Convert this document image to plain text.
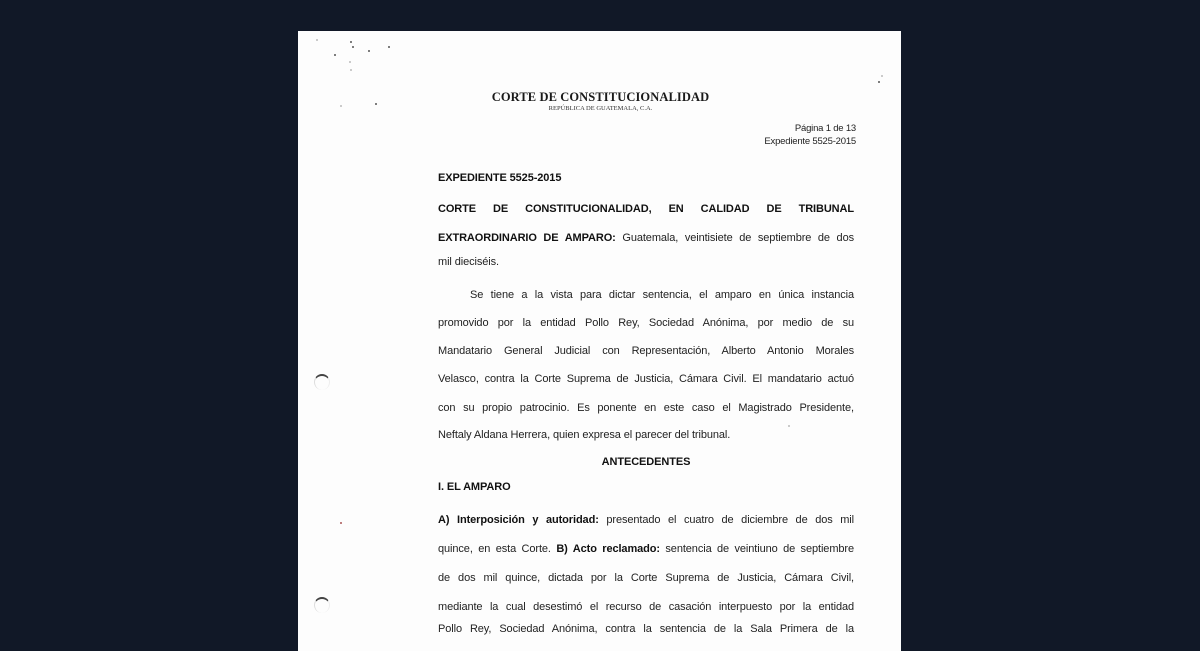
CORTE DE CONSTITUCIONALIDAD
REPÚBLICA DE GUATEMALA, C.A.
Página 1 de 13
Expediente 5525-2015
EXPEDIENTE 5525-2015
CORTE DE CONSTITUCIONALIDAD, EN CALIDAD DE TRIBUNAL
EXTRAORDINARIO DE AMPARO: Guatemala, veintisiete de septiembre de dos
mil dieciséis.
Se tiene a la vista para dictar sentencia, el amparo en única instancia
promovido por la entidad Pollo Rey, Sociedad Anónima, por medio de su
Mandatario General Judicial con Representación, Alberto Antonio Morales
Velasco, contra la Corte Suprema de Justicia, Cámara Civil. El mandatario actuó
con su propio patrocinio. Es ponente en este caso el Magistrado Presidente,
Neftaly Aldana Herrera, quien expresa el parecer del tribunal.
ANTECEDENTES
I. EL AMPARO
A) Interposición y autoridad: presentado el cuatro de diciembre de dos mil
quince, en esta Corte. B) Acto reclamado: sentencia de veintiuno de septiembre
de dos mil quince, dictada por la Corte Suprema de Justicia, Cámara Civil,
mediante la cual desestimó el recurso de casación interpuesto por la entidad
Pollo Rey, Sociedad Anónima, contra la sentencia de la Sala Primera de la
